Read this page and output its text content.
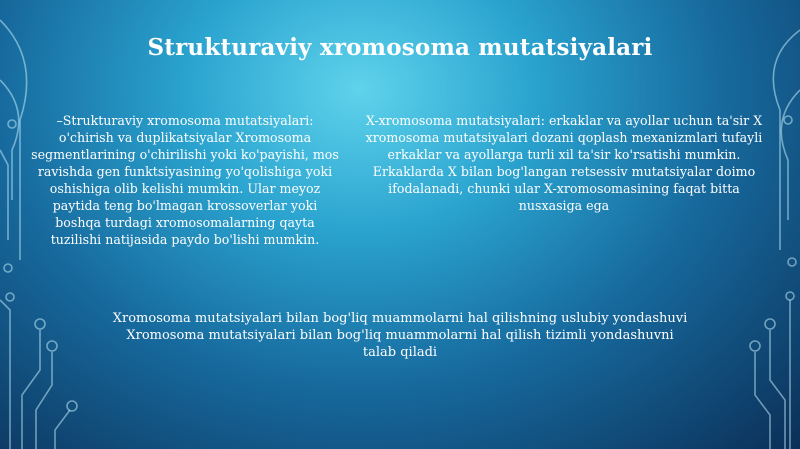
Strukturaviy xromosoma mutatsiyalari
–Strukturaviy xromosoma mutatsiyalari: o'chirish va duplikatsiyalar Xromosoma segmentlarining o'chirilishi yoki ko'payishi, mos ravishda gen funktsiyasining yo'qolishiga yoki oshishiga olib kelishi mumkin. Ular meyoz paytida teng bo'lmagan krossoverlar yoki boshqa turdagi xromosomalarning qayta tuzilishi natijasida paydo bo'lishi mumkin.
X-xromosoma mutatsiyalari: erkaklar va ayollar uchun ta'sir X xromosoma mutatsiyalari dozani qoplash mexanizmlari tufayli erkaklar va ayollarga turli xil ta'sir ko'rsatishi mumkin. Erkaklarda X bilan bog'langan retsessiv mutatsiyalar doimo ifodalanadi, chunki ular X-xromosomasining faqat bitta nusxasiga ega
Xromosoma mutatsiyalari bilan bog'liq muammolarni hal qilishning uslubiy yondashuvi Xromosoma mutatsiyalari bilan bog'liq muammolarni hal qilish tizimli yondashuvni talab qiladi
